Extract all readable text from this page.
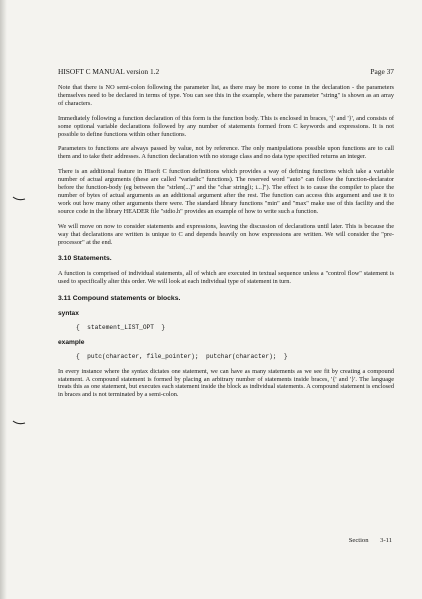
HISOFT C MANUAL version 1.2	Page 37

Note that there is NO semi-colon following the parameter list, as there may be more to come in the declaration - the parameters themselves need to be declared in terms of type. You can see this in the example, where the parameter "string" is shown as an array of characters.

Immediately following a function declaration of this form is the function body. This is enclosed in braces, '{' and '}', and consists of some optional variable declarations followed by any number of statements formed from C keywords and expressions. It is not possible to define functions within other functions.

Parameters to functions are always passed by value, not by reference. The only manipulations possible upon functions are to call them and to take their addresses. A function declaration with no storage class and no data type specified returns an integer.

There is an additional feature in Hisoft C function definitions which provides a way of defining functions which take a variable number of actual arguments (these are called "variadic" functions). The reserved word "auto" can follow the function-declarator before the function-body (eg between the "strlen(...)" and the "char string[i; i...]"). The effect is to cause the compiler to place the number of bytes of actual arguments as an additional argument after the rest. The function can access this argument and use it to work out how many other arguments there were. The standard library functions "min" and "max" make use of this facility and the source code in the library HEADER file "stdio.h" provides an example of how to write such a function.

We will move on now to consider statements and expressions, leaving the discussion of declarations until later. This is because the way that declarations are written is unique to C and depends heavily on how expressions are written. We will consider the "pre-processor" at the end.

3.10 Statements.

A function is comprised of individual statements, all of which are executed in textual sequence unless a "control flow" statement is used to specifically alter this order. We will look at each individual type of statement in turn.

3.11 Compound statements or blocks.
syntax
{  statement_LIST_OPT  }
example
{  putc(character, file_pointer);  putchar(character);  }

In every instance where the syntax dictates one statement, we can have as many statements as we see fit by creating a compound statement. A compound statement is formed by placing an arbitrary number of statements inside braces, '{' and '}'. The language treats this as one statement, but executes each statement inside the block as individual statements. A compound statement is enclosed in braces and is not terminated by a semi-colon.

Section 3-11
